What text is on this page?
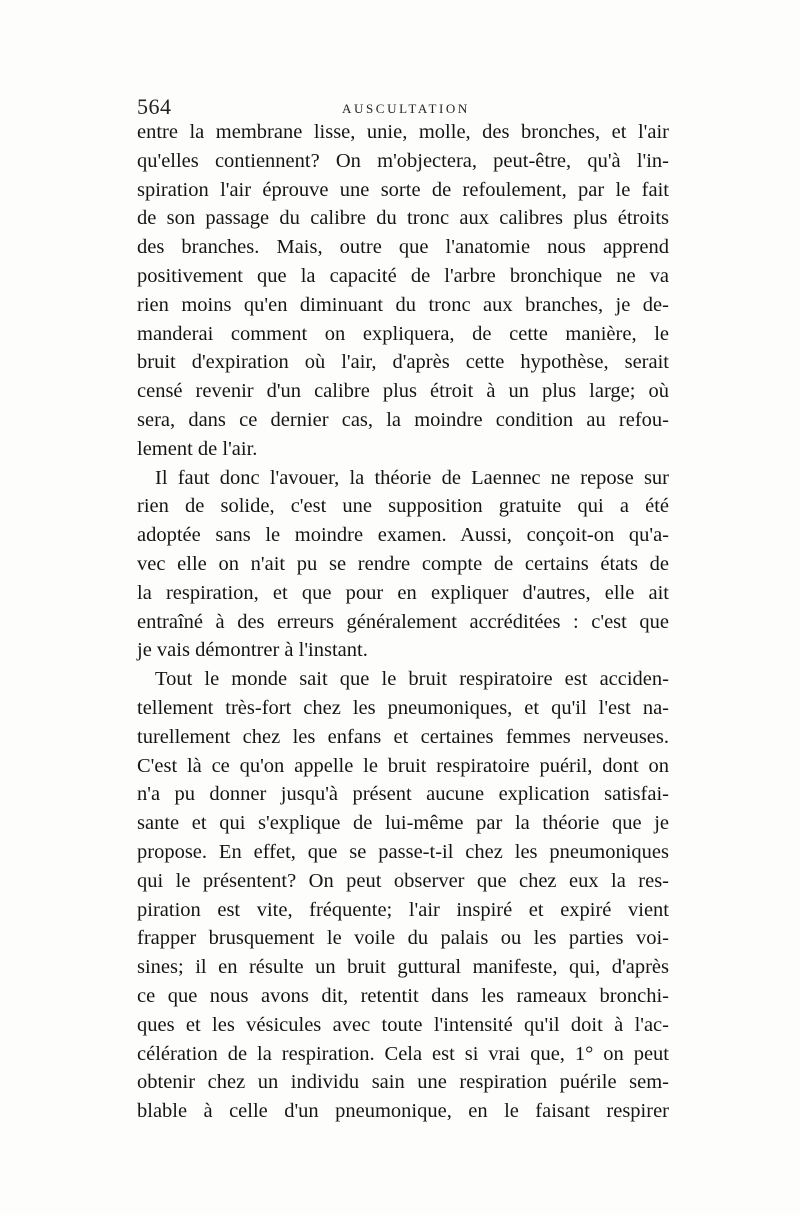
564	AUSCULTATION
entre la membrane lisse, unie, molle, des bronches, et l'air
qu'elles contiennent? On m'objectera, peut-être, qu'à l'in-
spiration l'air éprouve une sorte de refoulement, par le fait
de son passage du calibre du tronc aux calibres plus étroits
des branches. Mais, outre que l'anatomie nous apprend
positivement que la capacité de l'arbre bronchique ne va
rien moins qu'en diminuant du tronc aux branches, je de-
manderai comment on expliquera, de cette manière, le
bruit d'expiration où l'air, d'après cette hypothèse, serait
censé revenir d'un calibre plus étroit à un plus large; où
sera, dans ce dernier cas, la moindre condition au refou-
lement de l'air.
Il faut donc l'avouer, la théorie de Laennec ne repose sur
rien de solide, c'est une supposition gratuite qui a été
adoptée sans le moindre examen. Aussi, conçoit-on qu'a-
vec elle on n'ait pu se rendre compte de certains états de
la respiration, et que pour en expliquer d'autres, elle ait
entraîné à des erreurs généralement accréditées : c'est que
je vais démontrer à l'instant.
Tout le monde sait que le bruit respiratoire est acciden-
tellement très-fort chez les pneumoniques, et qu'il l'est na-
turellement chez les enfans et certaines femmes nerveuses.
C'est là ce qu'on appelle le bruit respiratoire puéril, dont on
n'a pu donner jusqu'à présent aucune explication satisfai-
sante et qui s'explique de lui-même par la théorie que je
propose. En effet, que se passe-t-il chez les pneumoniques
qui le présentent? On peut observer que chez eux la res-
piration est vite, fréquente; l'air inspiré et expiré vient
frapper brusquement le voile du palais ou les parties voi-
sines; il en résulte un bruit guttural manifeste, qui, d'après
ce que nous avons dit, retentit dans les rameaux bronchi-
ques et les vésicules avec toute l'intensité qu'il doit à l'ac-
célération de la respiration. Cela est si vrai que, 1° on peut
obtenir chez un individu sain une respiration puérile sem-
blable à celle d'un pneumonique, en le faisant respirer
